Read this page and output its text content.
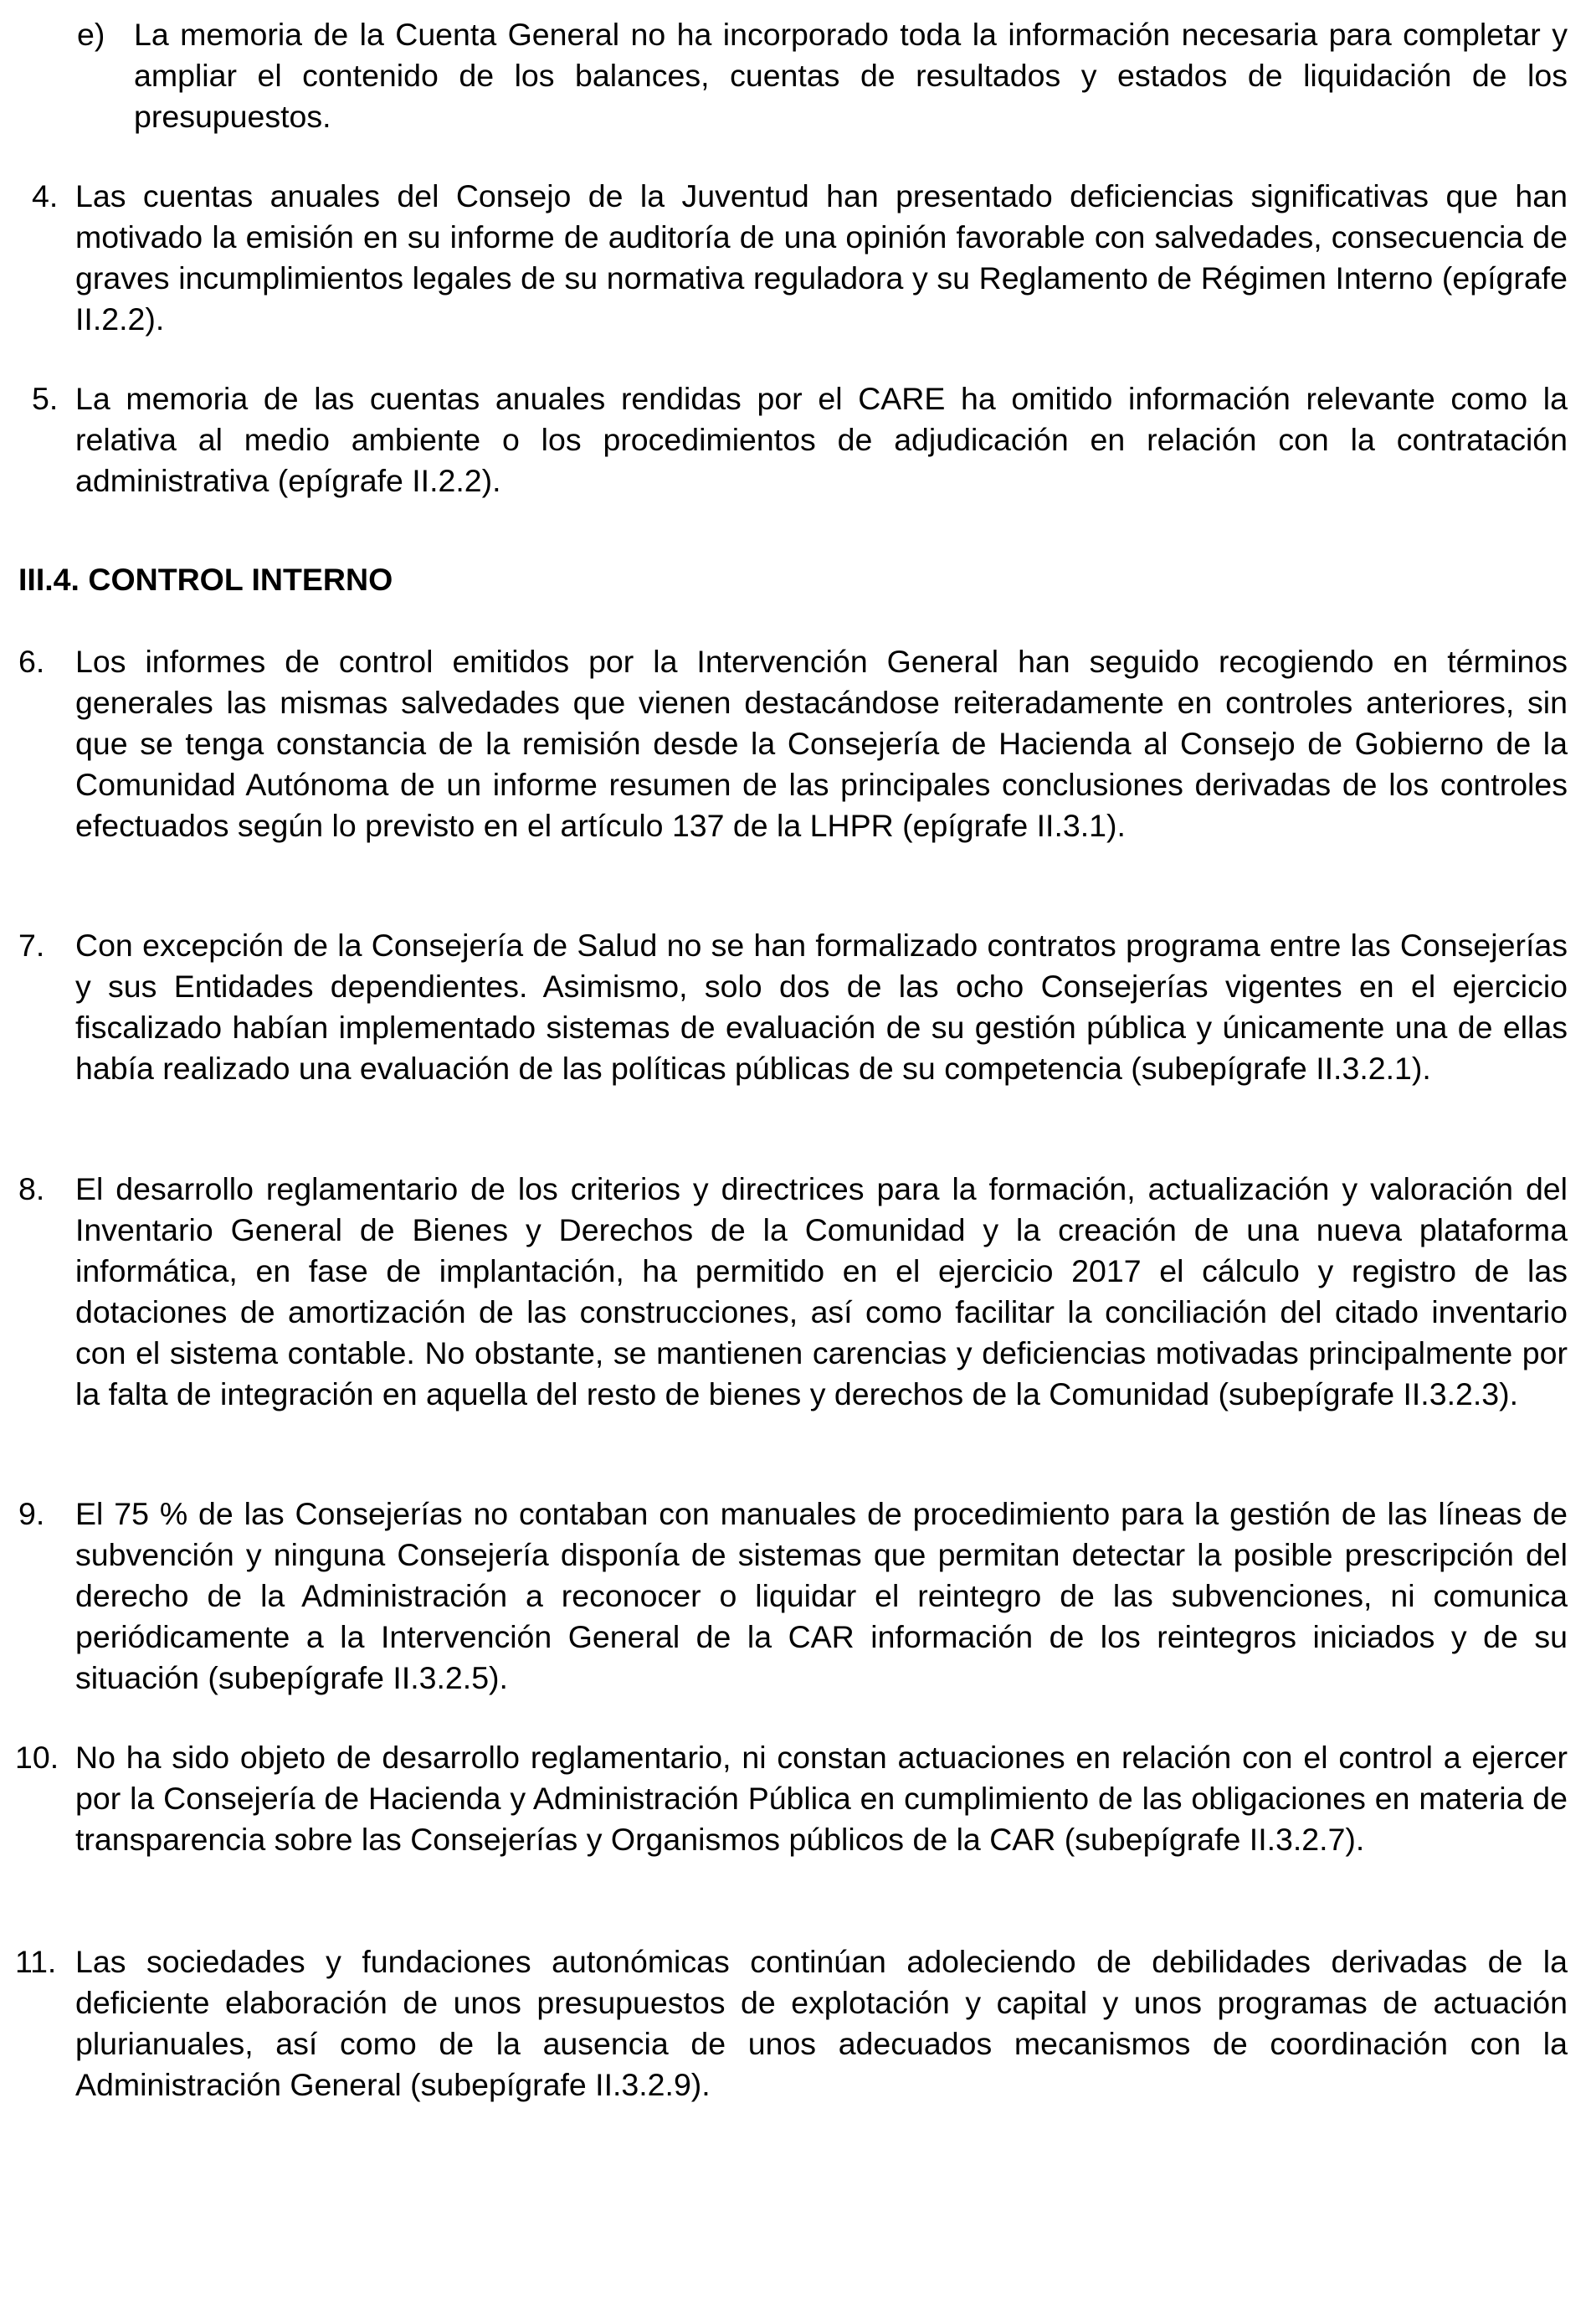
e) La memoria de la Cuenta General no ha incorporado toda la información necesaria para completar y ampliar el contenido de los balances, cuentas de resultados y estados de liquidación de los presupuestos.
4. Las cuentas anuales del Consejo de la Juventud han presentado deficiencias significativas que han motivado la emisión en su informe de auditoría de una opinión favorable con salvedades, consecuencia de graves incumplimientos legales de su normativa reguladora y su Reglamento de Régimen Interno (epígrafe II.2.2).
5. La memoria de las cuentas anuales rendidas por el CARE ha omitido información relevante como la relativa al medio ambiente o los procedimientos de adjudicación en relación con la contratación administrativa (epígrafe II.2.2).
III.4. CONTROL INTERNO
6. Los informes de control emitidos por la Intervención General han seguido recogiendo en términos generales las mismas salvedades que vienen destacándose reiteradamente en controles anteriores, sin que se tenga constancia de la remisión desde la Consejería de Hacienda al Consejo de Gobierno de la Comunidad Autónoma de un informe resumen de las principales conclusiones derivadas de los controles efectuados según lo previsto en el artículo 137 de la LHPR (epígrafe II.3.1).
7. Con excepción de la Consejería de Salud no se han formalizado contratos programa entre las Consejerías y sus Entidades dependientes. Asimismo, solo dos de las ocho Consejerías vigentes en el ejercicio fiscalizado habían implementado sistemas de evaluación de su gestión pública y únicamente una de ellas había realizado una evaluación de las políticas públicas de su competencia (subepígrafe II.3.2.1).
8. El desarrollo reglamentario de los criterios y directrices para la formación, actualización y valoración del Inventario General de Bienes y Derechos de la Comunidad y la creación de una nueva plataforma informática, en fase de implantación, ha permitido en el ejercicio 2017 el cálculo y registro de las dotaciones de amortización de las construcciones, así como facilitar la conciliación del citado inventario con el sistema contable. No obstante, se mantienen carencias y deficiencias motivadas principalmente por la falta de integración en aquella del resto de bienes y derechos de la Comunidad (subepígrafe II.3.2.3).
9. El 75 % de las Consejerías no contaban con manuales de procedimiento para la gestión de las líneas de subvención y ninguna Consejería disponía de sistemas que permitan detectar la posible prescripción del derecho de la Administración a reconocer o liquidar el reintegro de las subvenciones, ni comunica periódicamente a la Intervención General de la CAR información de los reintegros iniciados y de su situación (subepígrafe II.3.2.5).
10. No ha sido objeto de desarrollo reglamentario, ni constan actuaciones en relación con el control a ejercer por la Consejería de Hacienda y Administración Pública en cumplimiento de las obligaciones en materia de transparencia sobre las Consejerías y Organismos públicos de la CAR (subepígrafe II.3.2.7).
11. Las sociedades y fundaciones autonómicas continúan adoleciendo de debilidades derivadas de la deficiente elaboración de unos presupuestos de explotación y capital y unos programas de actuación plurianuales, así como de la ausencia de unos adecuados mecanismos de coordinación con la Administración General (subepígrafe II.3.2.9).
